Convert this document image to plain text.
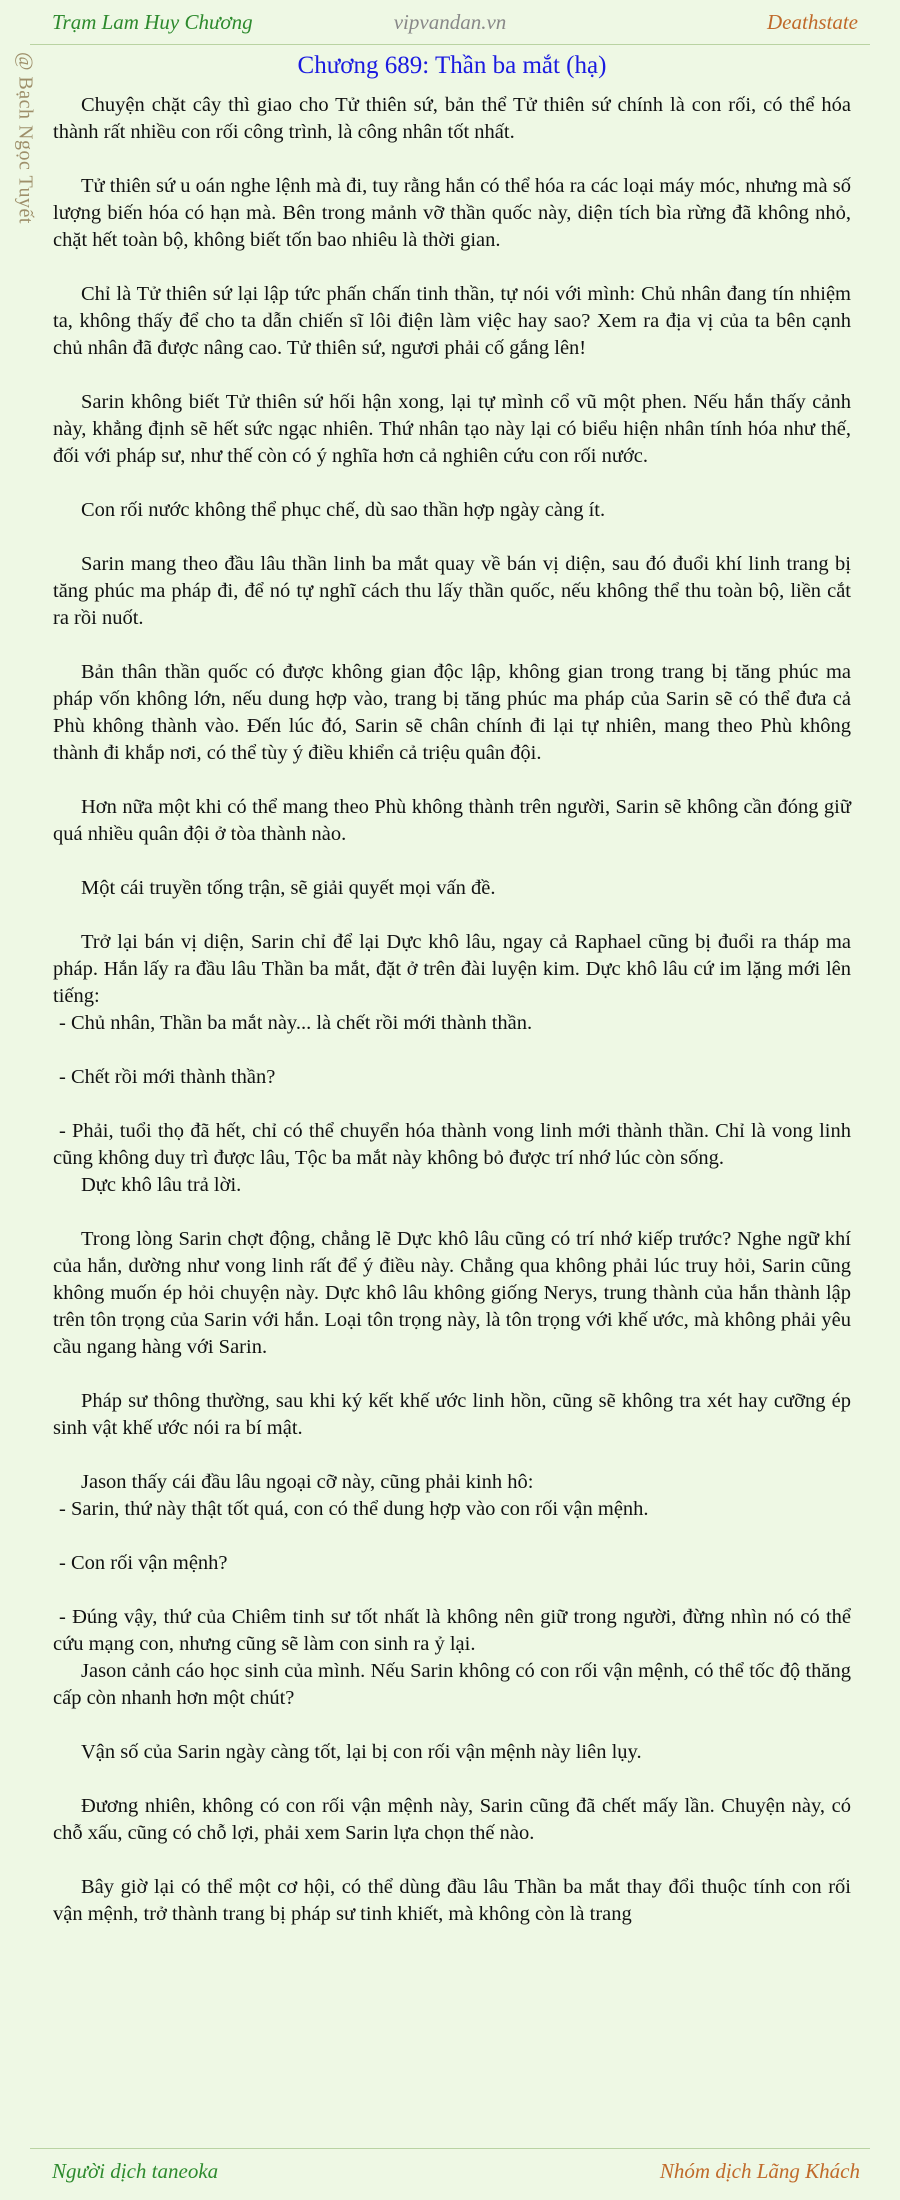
Trạm Lam Huy Chương	vipvandan.vn	Deathstate
@ Bạch Ngọc Tuyết	Chương 689: Thần ba mắt (hạ)

Chuyện chặt cây thì giao cho Tử thiên sứ, bản thể Tử thiên sứ chính là con rối, có thể hóa thành rất nhiều con rối công trình, là công nhân tốt nhất.

Tử thiên sứ u oán nghe lệnh mà đi, tuy rằng hắn có thể hóa ra các loại máy móc, nhưng mà số lượng biến hóa có hạn mà. Bên trong mảnh vỡ thần quốc này, diện tích bìa rừng đã không nhỏ, chặt hết toàn bộ, không biết tốn bao nhiêu là thời gian.

Chỉ là Tử thiên sứ lại lập tức phấn chấn tinh thần, tự nói với mình: Chủ nhân đang tín nhiệm ta, không thấy để cho ta dẫn chiến sĩ lôi điện làm việc hay sao? Xem ra địa vị của ta bên cạnh chủ nhân đã được nâng cao. Tử thiên sứ, ngươi phải cố gắng lên!

Sarin không biết Tử thiên sứ hối hận xong, lại tự mình cổ vũ một phen. Nếu hắn thấy cảnh này, khẳng định sẽ hết sức ngạc nhiên. Thứ nhân tạo này lại có biểu hiện nhân tính hóa như thế, đối với pháp sư, như thế còn có ý nghĩa hơn cả nghiên cứu con rối nước.

Con rối nước không thể phục chế, dù sao thần hợp ngày càng ít.

Sarin mang theo đầu lâu thần linh ba mắt quay về bán vị diện, sau đó đuổi khí linh trang bị tăng phúc ma pháp đi, để nó tự nghĩ cách thu lấy thần quốc, nếu không thể thu toàn bộ, liền cắt ra rồi nuốt.

Bản thân thần quốc có được không gian độc lập, không gian trong trang bị tăng phúc ma pháp vốn không lớn, nếu dung hợp vào, trang bị tăng phúc ma pháp của Sarin sẽ có thể đưa cả Phù không thành vào. Đến lúc đó, Sarin sẽ chân chính đi lại tự nhiên, mang theo Phù không thành đi khắp nơi, có thể tùy ý điều khiển cả triệu quân đội.

Hơn nữa một khi có thể mang theo Phù không thành trên người, Sarin sẽ không cần đóng giữ quá nhiều quân đội ở tòa thành nào.

Một cái truyền tống trận, sẽ giải quyết mọi vấn đề.

Trở lại bán vị diện, Sarin chỉ để lại Dực khô lâu, ngay cả Raphael cũng bị đuổi ra tháp ma pháp. Hắn lấy ra đầu lâu Thần ba mắt, đặt ở trên đài luyện kim. Dực khô lâu cứ im lặng mới lên tiếng:

- Chủ nhân, Thần ba mắt này... là chết rồi mới thành thần.

- Chết rồi mới thành thần?

- Phải, tuổi thọ đã hết, chỉ có thể chuyển hóa thành vong linh mới thành thần. Chỉ là vong linh cũng không duy trì được lâu, Tộc ba mắt này không bỏ được trí nhớ lúc còn sống.

Dực khô lâu trả lời.

Trong lòng Sarin chợt động, chẳng lẽ Dực khô lâu cũng có trí nhớ kiếp trước? Nghe ngữ khí của hắn, dường như vong linh rất để ý điều này. Chẳng qua không phải lúc truy hỏi, Sarin cũng không muốn ép hỏi chuyện này. Dực khô lâu không giống Nerys, trung thành của hắn thành lập trên tôn trọng của Sarin với hắn. Loại tôn trọng này, là tôn trọng với khế ước, mà không phải yêu cầu ngang hàng với Sarin.

Pháp sư thông thường, sau khi ký kết khế ước linh hồn, cũng sẽ không tra xét hay cưỡng ép sinh vật khế ước nói ra bí mật.

Jason thấy cái đầu lâu ngoại cỡ này, cũng phải kinh hô:

- Sarin, thứ này thật tốt quá, con có thể dung hợp vào con rối vận mệnh.

- Con rối vận mệnh?

- Đúng vậy, thứ của Chiêm tinh sư tốt nhất là không nên giữ trong người, đừng nhìn nó có thể cứu mạng con, nhưng cũng sẽ làm con sinh ra ỷ lại.

Jason cảnh cáo học sinh của mình. Nếu Sarin không có con rối vận mệnh, có thể tốc độ thăng cấp còn nhanh hơn một chút?

Vận số của Sarin ngày càng tốt, lại bị con rối vận mệnh này liên lụy.

Đương nhiên, không có con rối vận mệnh này, Sarin cũng đã chết mấy lần. Chuyện này, có chỗ xấu, cũng có chỗ lợi, phải xem Sarin lựa chọn thế nào.

Bây giờ lại có thể một cơ hội, có thể dùng đầu lâu Thần ba mắt thay đổi thuộc tính con rối vận mệnh, trở thành trang bị pháp sư tinh khiết, mà không còn là trang

Người dịch taneoka	Nhóm dịch Lãng Khách
